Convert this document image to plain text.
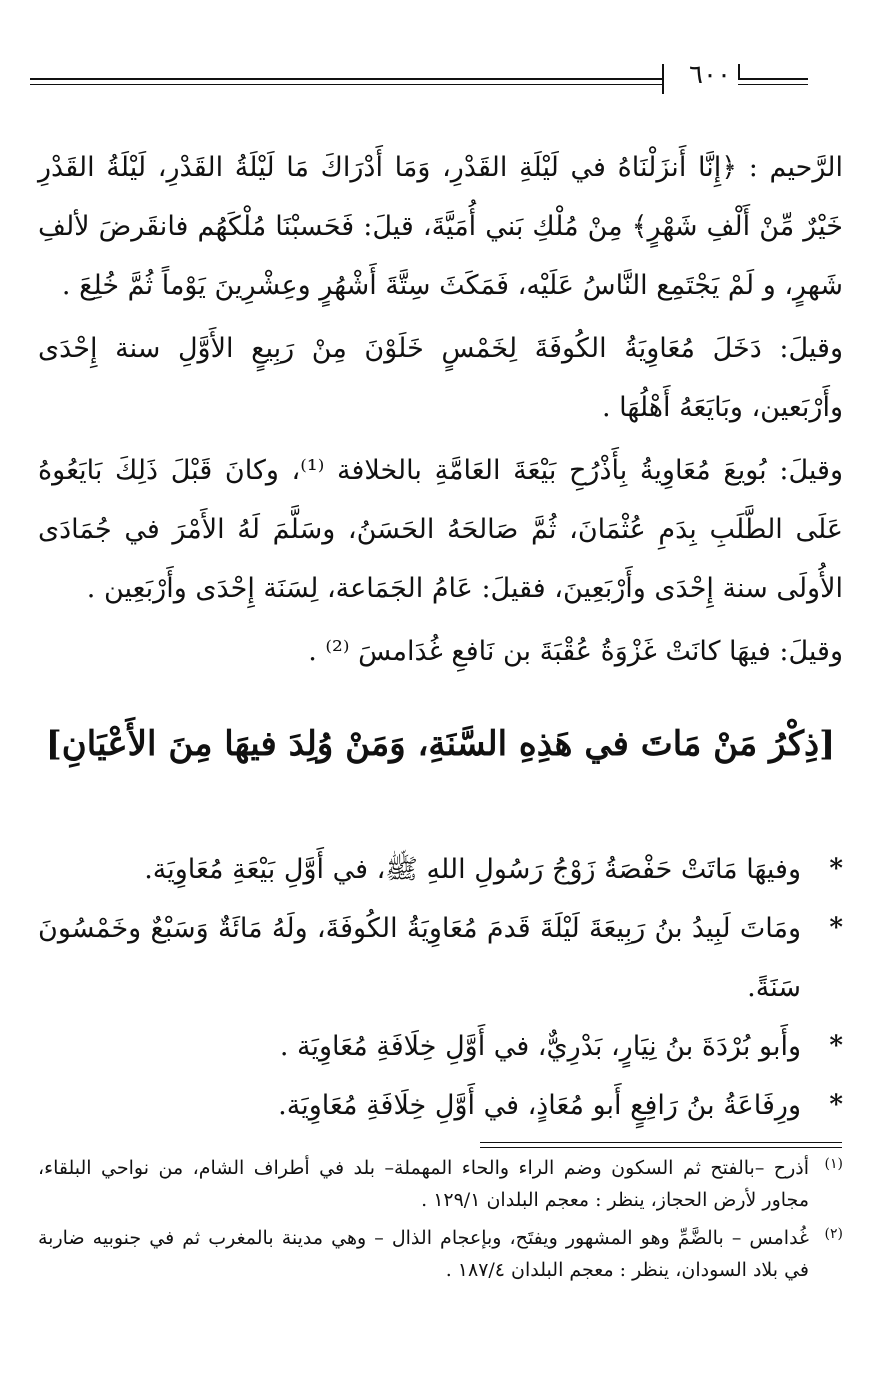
٦٠٠

الرَّحيم : ﴿إِنَّا أَنزَلْنَاهُ في لَيْلَةِ القَدْرِ، وَمَا أَدْرَاكَ مَا لَيْلَةُ القَدْرِ، لَيْلَةُ القَدْرِ خَيْرٌ مِّنْ أَلْفِ شَهْرٍ﴾ مِنْ مُلْكِ بَني أُمَيَّةَ، قيلَ: فَحَسبْنَا مُلْكَهُم فانقَرضَ لألفِ شَهرٍ، و لَمْ يَجْتَمِع النَّاسُ عَلَيْه، فَمَكَثَ سِتَّةَ أَشْهُرٍ وعِشْرِينَ يَوْماً ثُمَّ خُلِعَ .

وقيلَ: دَخَلَ مُعَاوِيَةُ الكُوفَةَ لِخَمْسٍ خَلَوْنَ مِنْ رَبِيعٍ الأَوَّلِ سنة إِحْدَى وأَرْبَعين، وبَايَعَهُ أَهْلُهَا .

وقيلَ: بُويعَ مُعَاوِيةُ بِأَذْرُحِ بَيْعَةَ العَامَّةِ بالخلافة ⁽¹⁾، وكانَ قَبْلَ ذَلِكَ بَايَعُوهُ عَلَى الطَّلَبِ بِدَمِ عُثْمَانَ، ثُمَّ صَالحَهُ الحَسَنُ، وسَلَّمَ لَهُ الأَمْرَ في جُمَادَى الأُولَى سنة إِحْدَى وأَرْبَعِينَ، فقيلَ: عَامُ الجَمَاعة، لِسَنَة إِحْدَى وأَرْبَعِين .

وقيلَ: فيهَا كانَتْ غَزْوَةُ عُقْبَةَ بن نَافعِ غُدَامسَ ⁽²⁾ .

[ذِكْرُ مَنْ مَاتَ في هَذِهِ السَّنَةِ، وَمَنْ وُلِدَ فيهَا مِنَ الأَعْيَانِ]
*
وفيهَا مَاتَتْ حَفْصَةُ زَوْجُ رَسُولِ اللهِ ﷺ، في أَوَّلِ بَيْعَةِ مُعَاوِيَة.
*
ومَاتَ لَبِيدُ بنُ رَبِيعَةَ لَيْلَةَ قَدمَ مُعَاوِيَةُ الكُوفَةَ، ولَهُ مَائَةٌ وَسَبْعٌ وخَمْسُونَ سَنَةً.
*
وأَبو بُرْدَةَ بنُ نِيَارٍ، بَدْرِيٌّ، في أَوَّلِ خِلَافَةِ مُعَاوِيَة .
*
ورِفَاعَةُ بنُ رَافِعٍ أَبو مُعَاذٍ، في أَوَّلِ خِلَافَةِ مُعَاوِيَة.
(١)
أذرح –بالفتح ثم السكون وضم الراء والحاء المهملة– بلد في أطراف الشام، من نواحي البلقاء، مجاور لأرض الحجاز، ينظر : معجم البلدان ١٢٩/١ .
(٢)
غُدامس – بالضَّمِّ وهو المشهور ويفتَح، وبإعجام الذال – وهي مدينة بالمغرب ثم في جنوبيه ضاربة في بلاد السودان، ينظر : معجم البلدان ١٨٧/٤ .
